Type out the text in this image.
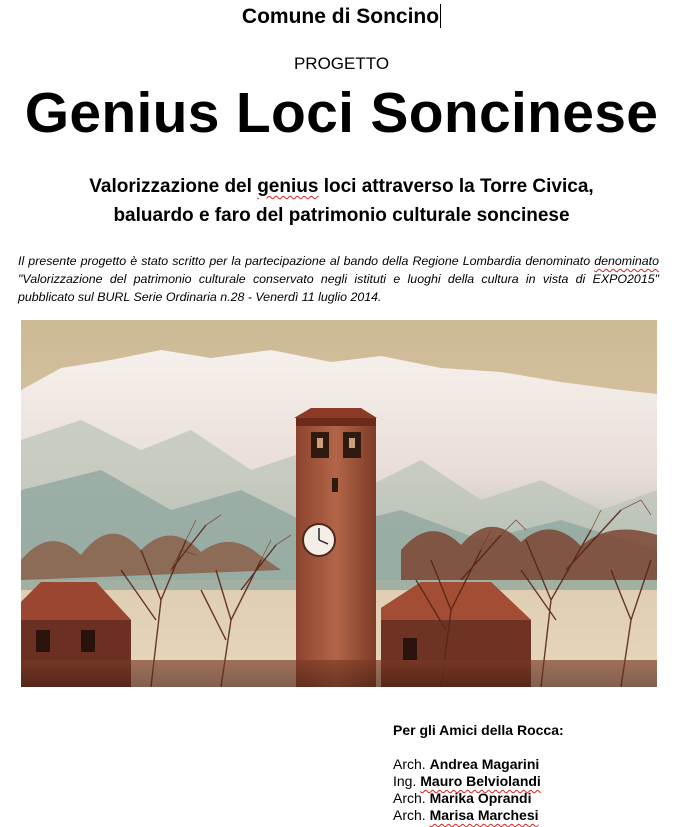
Comune di Soncino
PROGETTO
Genius Loci Soncinese
Valorizzazione del genius loci attraverso la Torre Civica,
baluardo e faro del patrimonio culturale soncinese
Il presente progetto è stato scritto per la partecipazione al bando della Regione Lombardia denominato denominato "Valorizzazione del patrimonio culturale conservato negli istituti e luoghi della cultura in vista di EXPO2015" pubblicato sul BURL Serie Ordinaria n.28 - Venerdì 11 luglio 2014.
Per gli Amici della Rocca:
Arch. Andrea Magarini
Ing. Mauro Belviolandi
Arch. Marika Oprandi
Arch. Marisa Marchesi
